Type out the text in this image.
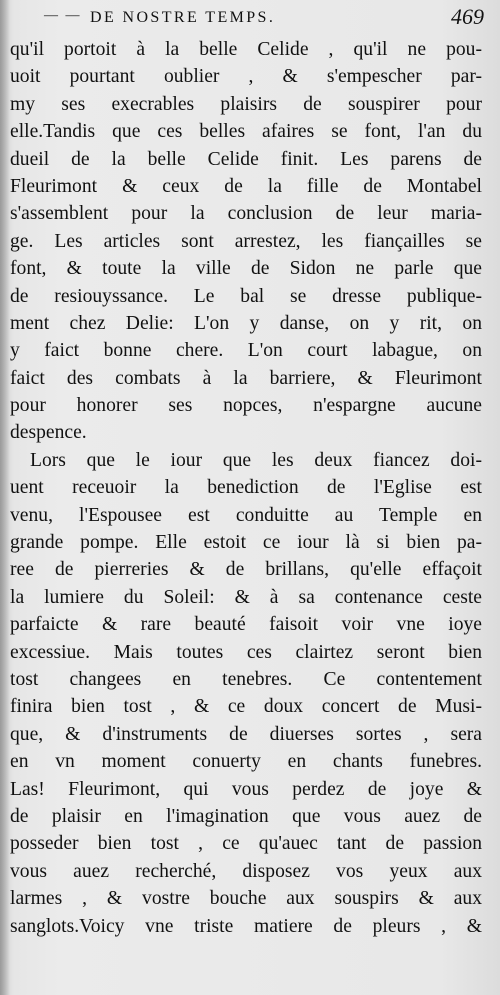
— — DE NOSTRE TEMPS.	469
qu'il portoit à la belle Celide , qu'il ne pou-
uoit pourtant oublier , & s'empescher par-
my ses execrables plaisirs de souspirer pour
elle.Tandis que ces belles afaires se font, l'an du
dueil de la belle Celide finit. Les parens de
Fleurimont & ceux de la fille de Montabel
s'assemblent pour la conclusion de leur maria-
ge. Les articles sont arrestez, les fiançailles se
font, & toute la ville de Sidon ne parle que
de resiouyssance. Le bal se dresse publique-
ment chez Delie: L'on y danse, on y rit, on
y faict bonne chere. L'on court labague, on
faict des combats à la barriere, & Fleurimont
pour honorer ses nopces, n'espargne aucune
despence.
Lors que le iour que les deux fiancez doi-
uent receuoir la benediction de l'Eglise est
venu, l'Espousee est conduitte au Temple en
grande pompe. Elle estoit ce iour là si bien pa-
ree de pierreries & de brillans, qu'elle effaçoit
la lumiere du Soleil: & à sa contenance ceste
parfaicte & rare beauté faisoit voir vne ioye
excessiue. Mais toutes ces clairtez seront bien
tost changees en tenebres. Ce contentement
finira bien tost , & ce doux concert de Musi-
que, & d'instruments de diuerses sortes , sera
en vn moment conuerty en chants funebres.
Las! Fleurimont, qui vous perdez de joye &
de plaisir en l'imagination que vous auez de
posseder bien tost , ce qu'auec tant de passion
vous auez recherché, disposez vos yeux aux
larmes , & vostre bouche aux souspirs & aux
sanglots.Voicy vne triste matiere de pleurs , &
